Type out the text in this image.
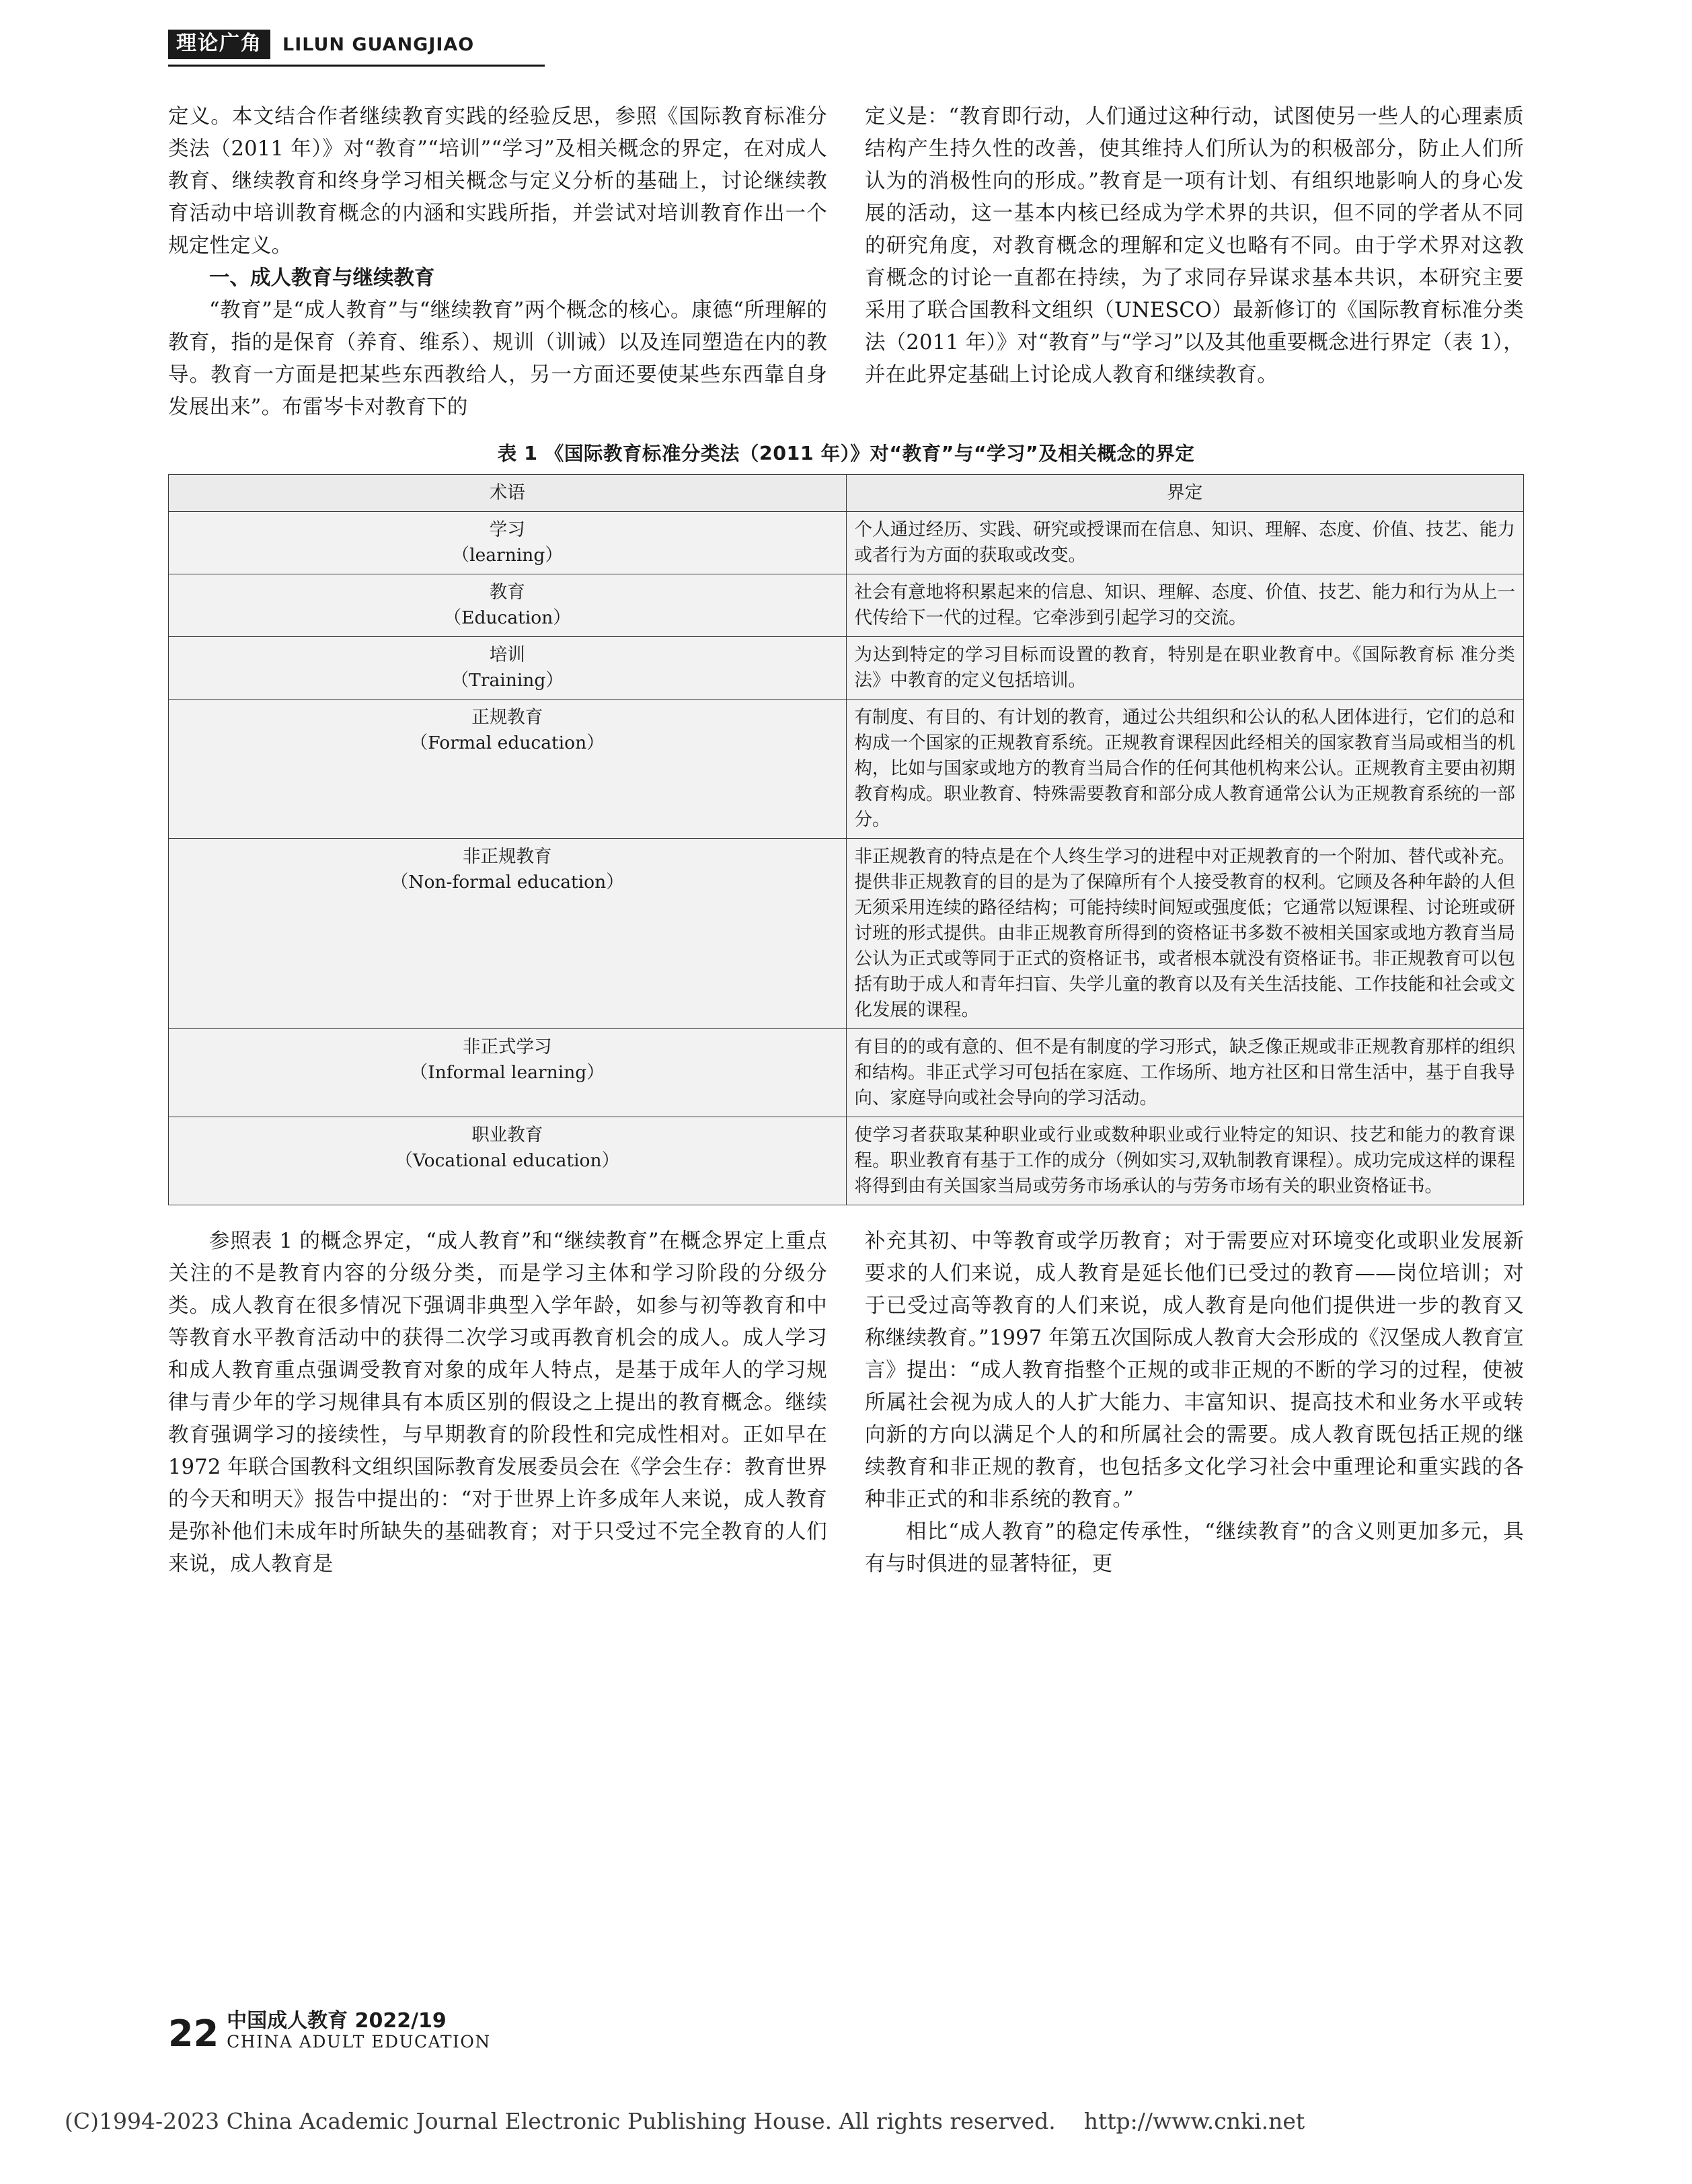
理论广角	LILUN GUANGJIAO

定义。本文结合作者继续教育实践的经验反思，参照《国际教育标准分类法（2011 年）》对“教育”“培训”“学习”及相关概念的界定，在对成人教育、继续教育和终身学习相关概念与定义分析的基础上，讨论继续教育活动中培训教育概念的内涵和实践所指，并尝试对培训教育作出一个规定性定义。

一、成人教育与继续教育

“教育”是“成人教育”与“继续教育”两个概念的核心。康德“所理解的教育，指的是保育（养育、维系）、规训（训诫）以及连同塑造在内的教导。教育一方面是把某些东西教给人，另一方面还要使某些东西靠自身发展出来”。布雷岑卡对教育下的

定义是：“教育即行动，人们通过这种行动，试图使另一些人的心理素质结构产生持久性的改善，使其维持人们所认为的积极部分，防止人们所认为的消极性向的形成。”教育是一项有计划、有组织地影响人的身心发展的活动，这一基本内核已经成为学术界的共识，但不同的学者从不同的研究角度，对教育概念的理解和定义也略有不同。由于学术界对这教育概念的讨论一直都在持续，为了求同存异谋求基本共识，本研究主要采用了联合国教科文组织（UNESCO）最新修订的《国际教育标准分类法（2011 年）》对“教育”与“学习”以及其他重要概念进行界定（表 1），并在此界定基础上讨论成人教育和继续教育。

表 1 《国际教育标准分类法（2011 年）》对“教育”与“学习”及相关概念的界定
术语	界定
学习
（learning）	个人通过经历、实践、研究或授课而在信息、知识、理解、态度、价值、技艺、能力或者行为方面的获取或改变。
教育
（Education）	社会有意地将积累起来的信息、知识、理解、态度、价值、技艺、能力和行为从上一代传给下一代的过程。它牵涉到引起学习的交流。
培训
（Training）	为达到特定的学习目标而设置的教育，特别是在职业教育中。《国际教育标 准分类法》中教育的定义包括培训。
正规教育
（Formal education）	有制度、有目的、有计划的教育，通过公共组织和公认的私人团体进行，它们的总和构成一个国家的正规教育系统。正规教育课程因此经相关的国家教育当局或相当的机构，比如与国家或地方的教育当局合作的任何其他机构来公认。正规教育主要由初期教育构成。职业教育、特殊需要教育和部分成人教育通常公认为正规教育系统的一部分。
非正规教育
（Non-formal education）	非正规教育的特点是在个人终生学习的进程中对正规教育的一个附加、替代或补充。提供非正规教育的目的是为了保障所有个人接受教育的权利。它顾及各种年龄的人但无须采用连续的路径结构；可能持续时间短或强度低；它通常以短课程、讨论班或研讨班的形式提供。由非正规教育所得到的资格证书多数不被相关国家或地方教育当局公认为正式或等同于正式的资格证书，或者根本就没有资格证书。非正规教育可以包括有助于成人和青年扫盲、失学儿童的教育以及有关生活技能、工作技能和社会或文化发展的课程。
非正式学习
（Informal learning）	有目的的或有意的、但不是有制度的学习形式，缺乏像正规或非正规教育那样的组织和结构。非正式学习可包括在家庭、工作场所、地方社区和日常生活中，基于自我导向、家庭导向或社会导向的学习活动。
职业教育
（Vocational education）	使学习者获取某种职业或行业或数种职业或行业特定的知识、技艺和能力的教育课程。职业教育有基于工作的成分（例如实习,双轨制教育课程）。成功完成这样的课程将得到由有关国家当局或劳务市场承认的与劳务市场有关的职业资格证书。

参照表 1 的概念界定，“成人教育”和“继续教育”在概念界定上重点关注的不是教育内容的分级分类，而是学习主体和学习阶段的分级分类。成人教育在很多情况下强调非典型入学年龄，如参与初等教育和中等教育水平教育活动中的获得二次学习或再教育机会的成人。成人学习和成人教育重点强调受教育对象的成年人特点，是基于成年人的学习规律与青少年的学习规律具有本质区别的假设之上提出的教育概念。继续教育强调学习的接续性，与早期教育的阶段性和完成性相对。正如早在 1972 年联合国教科文组织国际教育发展委员会在《学会生存：教育世界的今天和明天》报告中提出的：“对于世界上许多成年人来说，成人教育是弥补他们未成年时所缺失的基础教育；对于只受过不完全教育的人们来说，成人教育是

补充其初、中等教育或学历教育；对于需要应对环境变化或职业发展新要求的人们来说，成人教育是延长他们已受过的教育——岗位培训；对于已受过高等教育的人们来说，成人教育是向他们提供进一步的教育又称继续教育。”1997 年第五次国际成人教育大会形成的《汉堡成人教育宣言》提出：“成人教育指整个正规的或非正规的不断的学习的过程，使被所属社会视为成人的人扩大能力、丰富知识、提高技术和业务水平或转向新的方向以满足个人的和所属社会的需要。成人教育既包括正规的继续教育和非正规的教育，也包括多文化学习社会中重理论和重实践的各种非正式的和非系统的教育。”

相比“成人教育”的稳定传承性，“继续教育”的含义则更加多元，具有与时俱进的显著特征，更

22 中国成人教育 2022/19
CHINA ADULT EDUCATION
(C)1994-2023 China Academic Journal Electronic Publishing House. All rights reserved.    http://www.cnki.net
